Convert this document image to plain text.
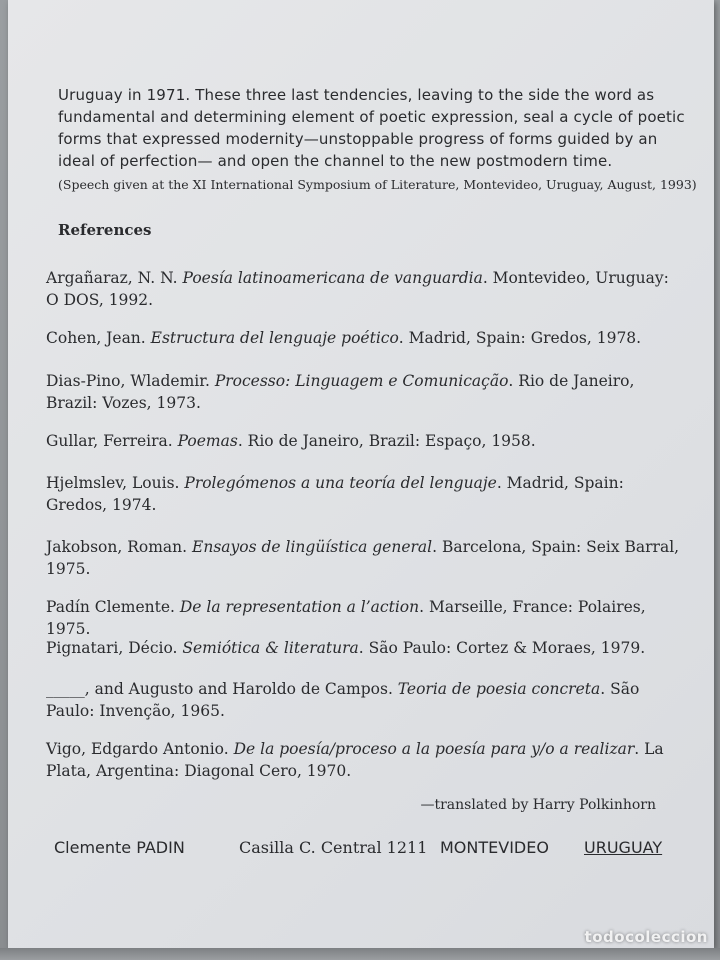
Uruguay in 1971. These three last tendencies, leaving to the side the word as fundamental and determining element of poetic expression, seal a cycle of poetic forms that expressed modernity—unstoppable progress of forms guided by an ideal of perfection— and open the channel to the new postmodern time.
(Speech given at the XI International Symposium of Literature, Montevideo, Uruguay, August, 1993)
References
Argañaraz, N. N. Poesía latinoamericana de vanguardia. Montevideo, Uruguay: O DOS, 1992.
Cohen, Jean. Estructura del lenguaje poético. Madrid, Spain: Gredos, 1978.
Dias-Pino, Wlademir. Processo: Linguagem e Comunicação. Rio de Janeiro, Brazil: Vozes, 1973.
Gullar, Ferreira. Poemas. Rio de Janeiro, Brazil: Espaço, 1958.
Hjelmslev, Louis. Prolegómenos a una teoría del lenguaje. Madrid, Spain: Gredos, 1974.
Jakobson, Roman. Ensayos de lingüística general. Barcelona, Spain: Seix Barral, 1975.
Padín Clemente. De la representation a l’action. Marseille, France: Polaires, 1975.
Pignatari, Décio. Semiótica & literatura. São Paulo: Cortez & Moraes, 1979.
_____, and Augusto and Haroldo de Campos. Teoria de poesia concreta. São Paulo: Invenção, 1965.
Vigo, Edgardo Antonio. De la poesía/proceso a la poesía para y/o a realizar. La Plata, Argentina: Diagonal Cero, 1970.
—translated by Harry Polkinhorn
Clemente PADIN	Casilla C. Central 1211 MONTEVIDEO URUGUAY
todocoleccion
